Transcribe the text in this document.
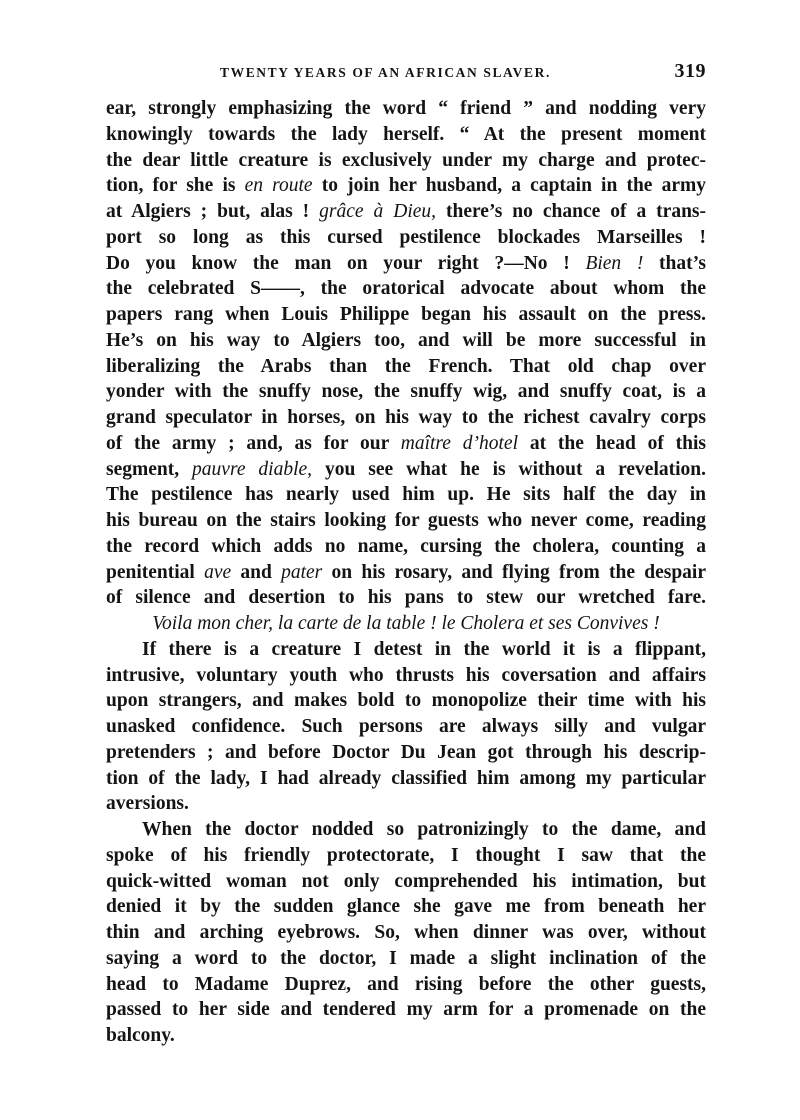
TWENTY YEARS OF AN AFRICAN SLAVER.	319
ear, strongly emphasizing the word “ friend ” and nodding very
knowingly towards the lady herself. “ At the present moment
the dear little creature is exclusively under my charge and protec-
tion, for she is en route to join her husband, a captain in the army
at Algiers ; but, alas ! grâce à Dieu, there’s no chance of a trans-
port so long as this cursed pestilence blockades Marseilles !
Do you know the man on your right ?—No ! Bien ! that’s
the celebrated S——, the oratorical advocate about whom the
papers rang when Louis Philippe began his assault on the press.
He’s on his way to Algiers too, and will be more successful in
liberalizing the Arabs than the French. That old chap over
yonder with the snuffy nose, the snuffy wig, and snuffy coat, is a
grand speculator in horses, on his way to the richest cavalry corps
of the army ; and, as for our maître d’hotel at the head of this
segment, pauvre diable, you see what he is without a revelation.
The pestilence has nearly used him up. He sits half the day in
his bureau on the stairs looking for guests who never come, reading
the record which adds no name, cursing the cholera, counting a
penitential ave and pater on his rosary, and flying from the despair
of silence and desertion to his pans to stew our wretched fare.
Voila mon cher, la carte de la table ! le Cholera et ses Convives !
If there is a creature I detest in the world it is a flippant,
intrusive, voluntary youth who thrusts his coversation and affairs
upon strangers, and makes bold to monopolize their time with his
unasked confidence. Such persons are always silly and vulgar
pretenders ; and before Doctor Du Jean got through his descrip-
tion of the lady, I had already classified him among my particular
aversions.
When the doctor nodded so patronizingly to the dame, and
spoke of his friendly protectorate, I thought I saw that the
quick-witted woman not only comprehended his intimation, but
denied it by the sudden glance she gave me from beneath her
thin and arching eyebrows. So, when dinner was over, without
saying a word to the doctor, I made a slight inclination of the
head to Madame Duprez, and rising before the other guests,
passed to her side and tendered my arm for a promenade on the
balcony.
